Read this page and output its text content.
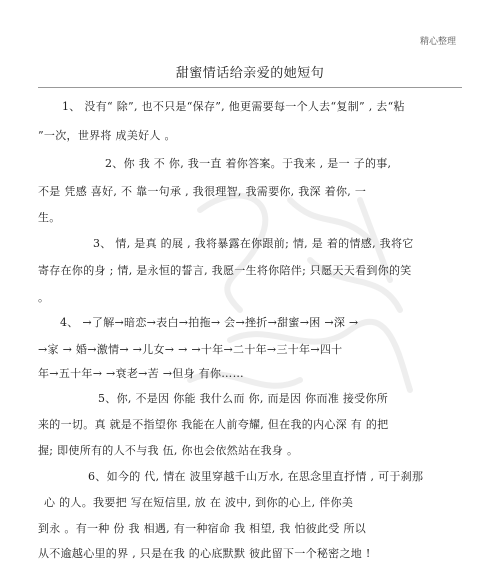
精心整理
甜蜜情话给亲爱的她短句
1、 没有“ 除”, 也不只是“保存”, 他更需要每一个人去“复制” , 去“粘
”一次，世界将 成美好人 。
2、你 我 不 你, 我一直 着你答案。于我来 , 是一 子的事,
不是 凭感 喜好, 不 靠一句承 , 我很理智, 我需要你, 我深 着你, 一
生。
3、 情, 是真 的展 , 我将暴露在你跟前; 情, 是 着的情感, 我将它
寄存在你的身 ; 情, 是永恒的誓言, 我愿一生将你陪伴; 只愿天天看到你的笑
。
4、 →了解→暗恋→表白→拍拖→ 会→挫折→甜蜜→困 →深 →
→家 → 婚→激情→ →儿女→ → →十年→二十年→三十年→四十
年→五十年→ →衰老→苦 →但身 有你……
5、你, 不是因 你能 我什么而 你, 而是因 你而准 接受你所
来的一切。真 就是不指望你 我能在人前夸耀, 但在我的内心深 有 的把
握; 即使所有的人不与我 伍, 你也会依然站在我身 。
6、如今的 代, 情在 波里穿越千山万水, 在思念里直抒情 , 可于刹那
心 的人。我要把 写在短信里, 放 在 波中, 到你的心上, 伴你美
到永 。有一种 份 我 相遇, 有一种宿命 我 相望, 我 怕彼此受 所以
从不逾越心里的界 , 只是在我 的心底默默 彼此留下一个秘密之地 !
